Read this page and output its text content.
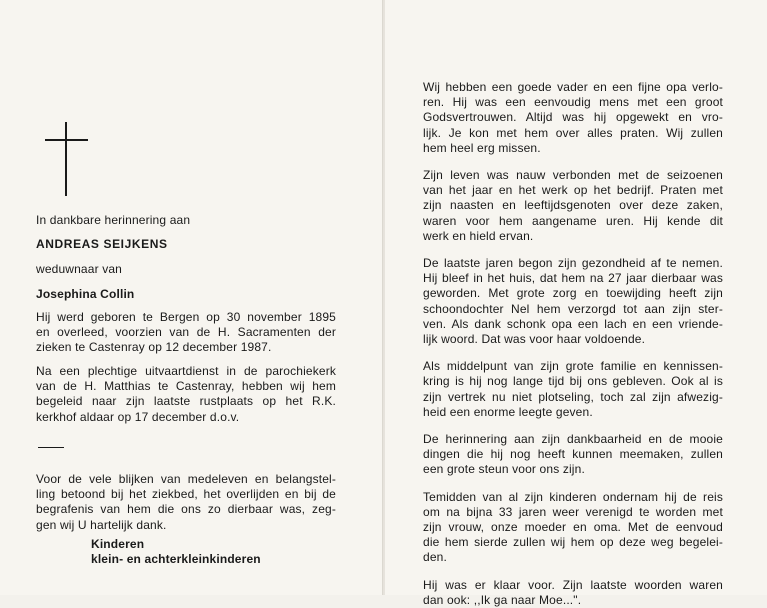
In dankbare herinnering aan
ANDREAS SEIJKENS
weduwnaar van
Josephina Collin
Hij werd geboren te Bergen op 30 november 1895
en overleed, voorzien van de H. Sacramenten der
zieken te Castenray op 12 december 1987.
Na een plechtige uitvaartdienst in de parochiekerk
van de H. Matthias te Castenray, hebben wij hem
begeleid naar zijn laatste rustplaats op het R.K.
kerkhof aldaar op 17 december d.o.v.
Voor de vele blijken van medeleven en belangstel-
ling betoond bij het ziekbed, het overlijden en bij de
begrafenis van hem die ons zo dierbaar was, zeg-
gen wij U hartelijk dank.
Kinderen
klein- en achterkleinkinderen

Wij hebben een goede vader en een fijne opa verlo-
ren. Hij was een eenvoudig mens met een groot
Godsvertrouwen. Altijd was hij opgewekt en vro-
lijk. Je kon met hem over alles praten. Wij zullen
hem heel erg missen.

Zijn leven was nauw verbonden met de seizoenen
van het jaar en het werk op het bedrijf. Praten met
zijn naasten en leeftijdsgenoten over deze zaken,
waren voor hem aangename uren. Hij kende dit
werk en hield ervan.

De laatste jaren begon zijn gezondheid af te nemen.
Hij bleef in het huis, dat hem na 27 jaar dierbaar was
geworden. Met grote zorg en toewijding heeft zijn
schoondochter Nel hem verzorgd tot aan zijn ster-
ven. Als dank schonk opa een lach en een vriende-
lijk woord. Dat was voor haar voldoende.

Als middelpunt van zijn grote familie en kennissen-
kring is hij nog lange tijd bij ons gebleven. Ook al is
zijn vertrek nu niet plotseling, toch zal zijn afwezig-
heid een enorme leegte geven.

De herinnering aan zijn dankbaarheid en de mooie
dingen die hij nog heeft kunnen meemaken, zullen
een grote steun voor ons zijn.

Temidden van al zijn kinderen ondernam hij de reis
om na bijna 33 jaren weer verenigd te worden met
zijn vrouw, onze moeder en oma. Met de eenvoud
die hem sierde zullen wij hem op deze weg begelei-
den.

Hij was er klaar voor. Zijn laatste woorden waren
dan ook: ,,Ik ga naar Moe...".
